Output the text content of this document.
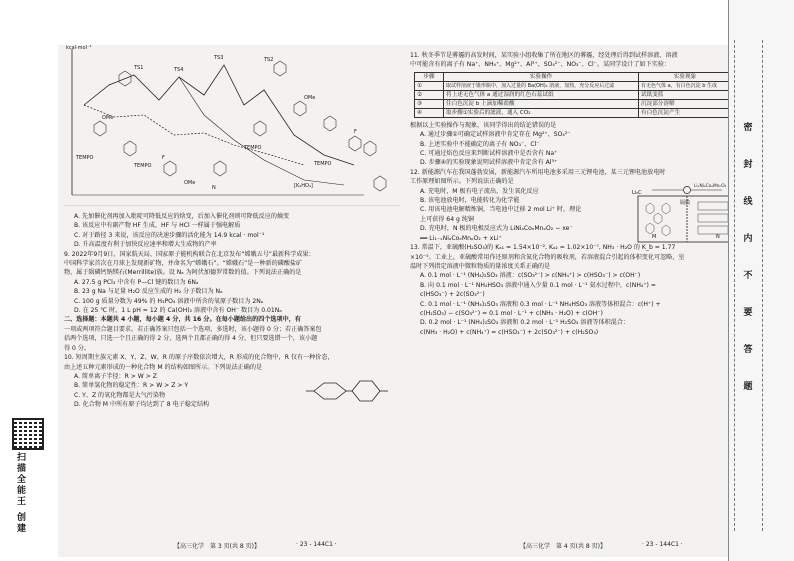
kcal·mol⁻¹
TS3
TS4
TS1
TS2
TEMPO
TEMPO
TEMPO
TEMPO
[K₂HO₄]
OMe
OMe
OMe
F
F
N
A. 先加催化剂再加入吡啶可降低反应的焓变，后加入催化剂则可降低反应的熵变
B. 该反应中有副产物 HF 生成，HF 与 HCl 一样属于强电解质
C. 对于路径 3 来说，该反应的决速步骤的活化能为 14.9 kcal · mol⁻¹
D. 升高温度有利于加快反应速率和增大生成物的产率
9. 2022年9月9日，国家航天局、国家原子能机构联合在北京发布“嫦娥五号”最新科学成果：
中国科学家首次在月球上发现新矿物，并命名为“嫦娥石”。“嫦娥石”是一种新的磷酸盐矿
物，属于陨磷钙钠镁石(Merrillite)族。设 Nₐ 为阿伏加德罗常数的值。下列说法正确的是
A. 27.5 g PCl₃ 中含有 P—Cl 键的数目为 6Nₐ
B. 23 g Na 与足量 H₂O 反应生成的 H₂ 分子数目为 Nₐ
C. 100 g 质量分数为 49% 的 H₃PO₄ 溶液中所含的氧原子数目为 2Nₐ
D. 在 25 ℃ 时，1 L pH = 12 的 Ca(OH)₂ 溶液中含有 OH⁻ 数目为 0.01Nₐ
二、选择题：本题共 4 小题，每小题 4 分，共 16 分。在每小题给出的四个选项中，有
一项或两项符合题目要求。若正确答案只包括一个选项，多选时，该小题得 0 分；若正确答案包
括两个选项，只选一个且正确的得 2 分，选两个且都正确的得 4 分，但只要选错一个，该小题
得 0 分。
10. 短周期主族元素 X、Y、Z、W、R 的原子序数依次增大，R 形成的化合物中，R 仅有一种价态，
由上述五种元素形成的一种化合物 M 的结构如图所示。下列说法正确的是
A. 简单离子半径：R > W > Z
B. 简单氢化物的稳定性：R > W > Z > Y
C. Y、Z 的氧化物都是大气污染物
D. 化合物 M 中所有原子均达到了 8 电子稳定结构
【高三化学　第 3 页(共 8 页)】	· 23 - 144C1 ·
11. 秋冬季节是雾霾的高发时间，某实验小组收集了所在地区的雾霾，经处理后得到试样溶液，溶液
中可能含有的离子有 Na⁺、NH₄⁺、Mg²⁺、Al³⁺、SO₄²⁻、NO₃⁻、Cl⁻。某同学设计了如下实验：
步骤	实验操作	实验现象
①	取试样溶液于锥形瓶中，加入过量的 Ba(OH)₂ 溶液，加热，充分反应后过滤	有无色气体 a，有白色沉淀 b 生成
②	将上述无色气体 a 通过湿润的红色石蕊试纸	试纸变蓝
③	往白色沉淀 b 上滴加稀盐酸	沉淀部分溶解
④	取步骤①实验后的滤液，通入 CO₂	有白色沉淀产生
根据以上实验操作与现象，该同学得出的结论错误的是
A. 通过步骤①可确定试样溶液中肯定存在 Mg²⁺、SO₄²⁻
B. 上述实验中不能确定的离子有 NO₃⁻、Cl⁻
C. 可通过焰色反应来判断试样溶液中是否含有 Na⁺
D. 步骤④的实验现象说明试样溶液中肯定含有 Al³⁺
12. 新能源汽车在我国蓬勃发展，新能源汽车所用电池多采用三元锂电池，某三元锂电池放电时
工作原理如图所示。下列说法正确的是
A. 充电时，M 极有电子流出，发生氧化反应
B. 该电池放电时，电能转化为化学能
C. 用该电池电解精炼铜，当电池中迁移 2 mol Li⁺ 时，理论
上可获得 64 g 纯铜
D. 充电时，N 极的电极反应式为 LiNiₐCoₑMnₒO₂ − xe⁻
══ Li₁₋ₓNiₐCoₑMnₒO₂ + xLi⁺
Li₀C
M
隔膜
N
LiₓNiₐCoₑMnₒO₂
13. 常温下，亚硫酸(H₂SO₃)的 Kₐ₁ = 1.54×10⁻², Kₐ₂ = 1.02×10⁻⁷, NH₃ · H₂O 的 K_b = 1.77
×10⁻⁵。工业上，亚硫酸常用作还原剂和含氮化合物的吸收剂，若溶液混合引起的体积变化可忽略，室
温时下列指定溶液中微粒物质的量浓度关系正确的是
A. 0.1 mol · L⁻¹ (NH₄)₂SO₃ 溶液：c(SO₃²⁻) > c(NH₄⁺) > c(HSO₃⁻) > c(OH⁻)
B. 向 0.1 mol · L⁻¹ NH₄HSO₃ 溶液中通入少量 0.1 mol · L⁻¹ 氨水过程中，c(NH₄⁺) =
c(HSO₃⁻) + 2c(SO₃²⁻)
C. 0.1 mol · L⁻¹ (NH₄)₂SO₃ 溶液和 0.3 mol · L⁻¹ NH₄HSO₃ 溶液等体积混合：c(H⁺) +
c(H₂SO₃) − c(SO₃²⁻) = 0.1 mol · L⁻¹ + c(NH₃ · H₂O) + c(OH⁻)
D. 0.2 mol · L⁻¹ (NH₄)₂SO₃ 溶液和 0.2 mol · L⁻¹ H₂SO₃ 溶液等体积混合：
c(NH₃ · H₂O) + c(NH₄⁺) = c(HSO₃⁻) + 2c(SO₃²⁻) + c(H₂SO₃)
【高三化学　第 4 页(共 8 页)】	· 23 - 144C1 ·
密
封
线
内
不
要
答
题
扫描全能王 创建
